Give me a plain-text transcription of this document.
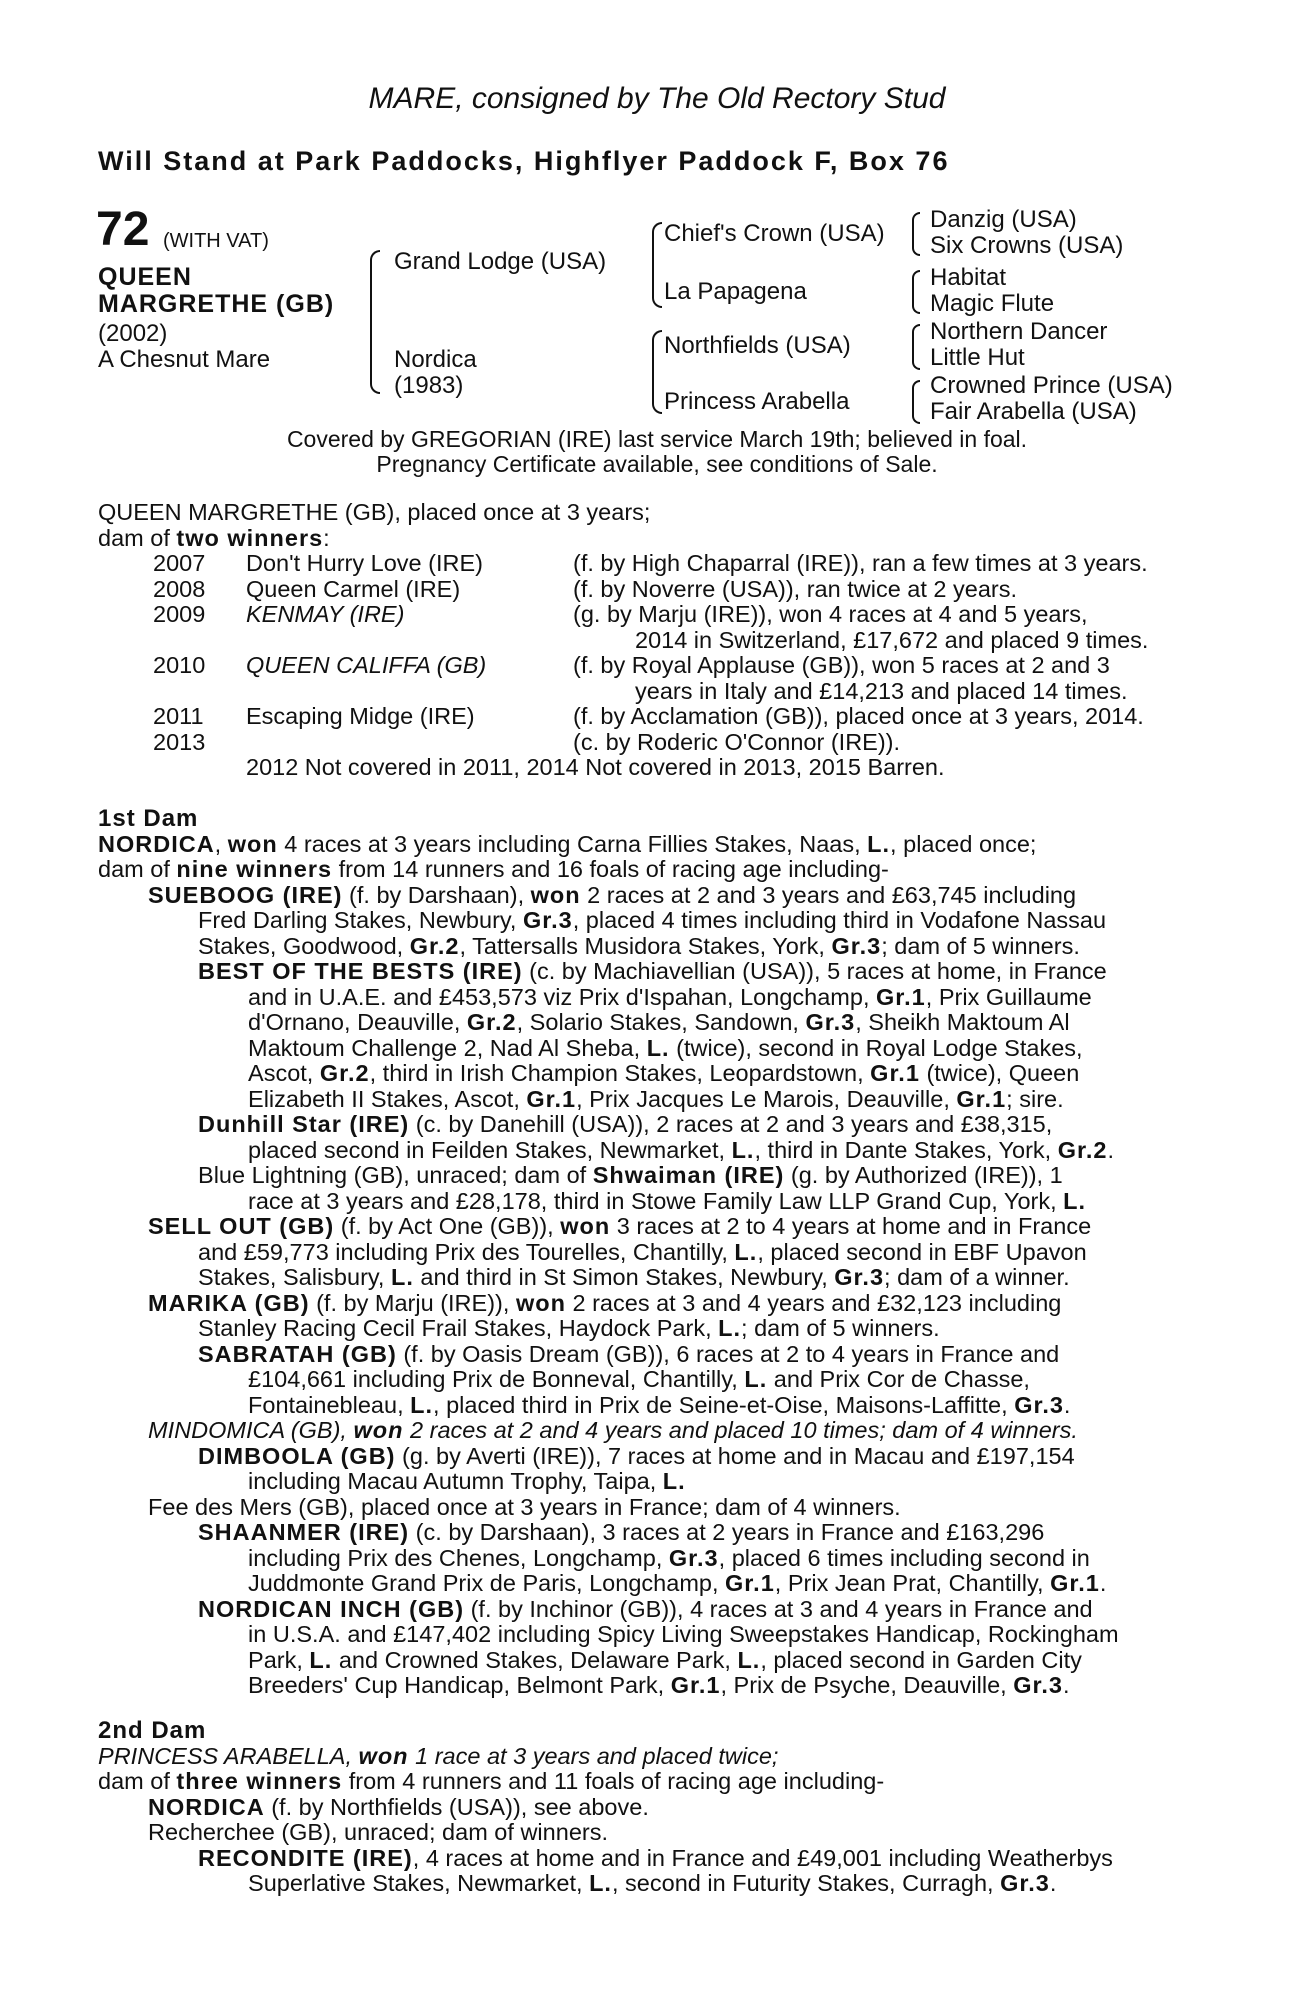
MARE, consigned by The Old Rectory Stud
Will Stand at Park Paddocks, Highflyer Paddock F, Box 76
72 (WITH VAT)
QUEEN
MARGRETHE (GB)
(2002)
A Chesnut Mare
Grand Lodge (USA)
Nordica
(1983)
Chief's Crown (USA)
La Papagena
Northfields (USA)
Princess Arabella
Danzig (USA)
Six Crowns (USA)
Habitat
Magic Flute
Northern Dancer
Little Hut
Crowned Prince (USA)
Fair Arabella (USA)
Covered by GREGORIAN (IRE) last service March 19th; believed in foal.
Pregnancy Certificate available, see conditions of Sale.
QUEEN MARGRETHE (GB), placed once at 3 years;
dam of two winners:
2007 Don't Hurry Love (IRE)	(f. by High Chaparral (IRE)), ran a few times at 3 years.
2008 Queen Carmel (IRE)	(f. by Noverre (USA)), ran twice at 2 years.
2009 KENMAY (IRE)	(g. by Marju (IRE)), won 4 races at 4 and 5 years,
2014 in Switzerland, £17,672 and placed 9 times.
2010 QUEEN CALIFFA (GB)	(f. by Royal Applause (GB)), won 5 races at 2 and 3
years in Italy and £14,213 and placed 14 times.
2011 Escaping Midge (IRE)	(f. by Acclamation (GB)), placed once at 3 years, 2014.
2013	(c. by Roderic O'Connor (IRE)).
2012 Not covered in 2011, 2014 Not covered in 2013, 2015 Barren.
1st Dam
NORDICA, won 4 races at 3 years including Carna Fillies Stakes, Naas, L., placed once;
dam of nine winners from 14 runners and 16 foals of racing age including-
SUEBOOG (IRE) (f. by Darshaan), won 2 races at 2 and 3 years and £63,745 including
Fred Darling Stakes, Newbury, Gr.3, placed 4 times including third in Vodafone Nassau
Stakes, Goodwood, Gr.2, Tattersalls Musidora Stakes, York, Gr.3; dam of 5 winners.
BEST OF THE BESTS (IRE) (c. by Machiavellian (USA)), 5 races at home, in France
and in U.A.E. and £453,573 viz Prix d'Ispahan, Longchamp, Gr.1, Prix Guillaume
d'Ornano, Deauville, Gr.2, Solario Stakes, Sandown, Gr.3, Sheikh Maktoum Al
Maktoum Challenge 2, Nad Al Sheba, L. (twice), second in Royal Lodge Stakes,
Ascot, Gr.2, third in Irish Champion Stakes, Leopardstown, Gr.1 (twice), Queen
Elizabeth II Stakes, Ascot, Gr.1, Prix Jacques Le Marois, Deauville, Gr.1; sire.
Dunhill Star (IRE) (c. by Danehill (USA)), 2 races at 2 and 3 years and £38,315,
placed second in Feilden Stakes, Newmarket, L., third in Dante Stakes, York, Gr.2.
Blue Lightning (GB), unraced; dam of Shwaiman (IRE) (g. by Authorized (IRE)), 1
race at 3 years and £28,178, third in Stowe Family Law LLP Grand Cup, York, L.
SELL OUT (GB) (f. by Act One (GB)), won 3 races at 2 to 4 years at home and in France
and £59,773 including Prix des Tourelles, Chantilly, L., placed second in EBF Upavon
Stakes, Salisbury, L. and third in St Simon Stakes, Newbury, Gr.3; dam of a winner.
MARIKA (GB) (f. by Marju (IRE)), won 2 races at 3 and 4 years and £32,123 including
Stanley Racing Cecil Frail Stakes, Haydock Park, L.; dam of 5 winners.
SABRATAH (GB) (f. by Oasis Dream (GB)), 6 races at 2 to 4 years in France and
£104,661 including Prix de Bonneval, Chantilly, L. and Prix Cor de Chasse,
Fontainebleau, L., placed third in Prix de Seine-et-Oise, Maisons-Laffitte, Gr.3.
MINDOMICA (GB), won 2 races at 2 and 4 years and placed 10 times; dam of 4 winners.
DIMBOOLA (GB) (g. by Averti (IRE)), 7 races at home and in Macau and £197,154
including Macau Autumn Trophy, Taipa, L.
Fee des Mers (GB), placed once at 3 years in France; dam of 4 winners.
SHAANMER (IRE) (c. by Darshaan), 3 races at 2 years in France and £163,296
including Prix des Chenes, Longchamp, Gr.3, placed 6 times including second in
Juddmonte Grand Prix de Paris, Longchamp, Gr.1, Prix Jean Prat, Chantilly, Gr.1.
NORDICAN INCH (GB) (f. by Inchinor (GB)), 4 races at 3 and 4 years in France and
in U.S.A. and £147,402 including Spicy Living Sweepstakes Handicap, Rockingham
Park, L. and Crowned Stakes, Delaware Park, L., placed second in Garden City
Breeders' Cup Handicap, Belmont Park, Gr.1, Prix de Psyche, Deauville, Gr.3.
2nd Dam
PRINCESS ARABELLA, won 1 race at 3 years and placed twice;
dam of three winners from 4 runners and 11 foals of racing age including-
NORDICA (f. by Northfields (USA)), see above.
Recherchee (GB), unraced; dam of winners.
RECONDITE (IRE), 4 races at home and in France and £49,001 including Weatherbys
Superlative Stakes, Newmarket, L., second in Futurity Stakes, Curragh, Gr.3.
